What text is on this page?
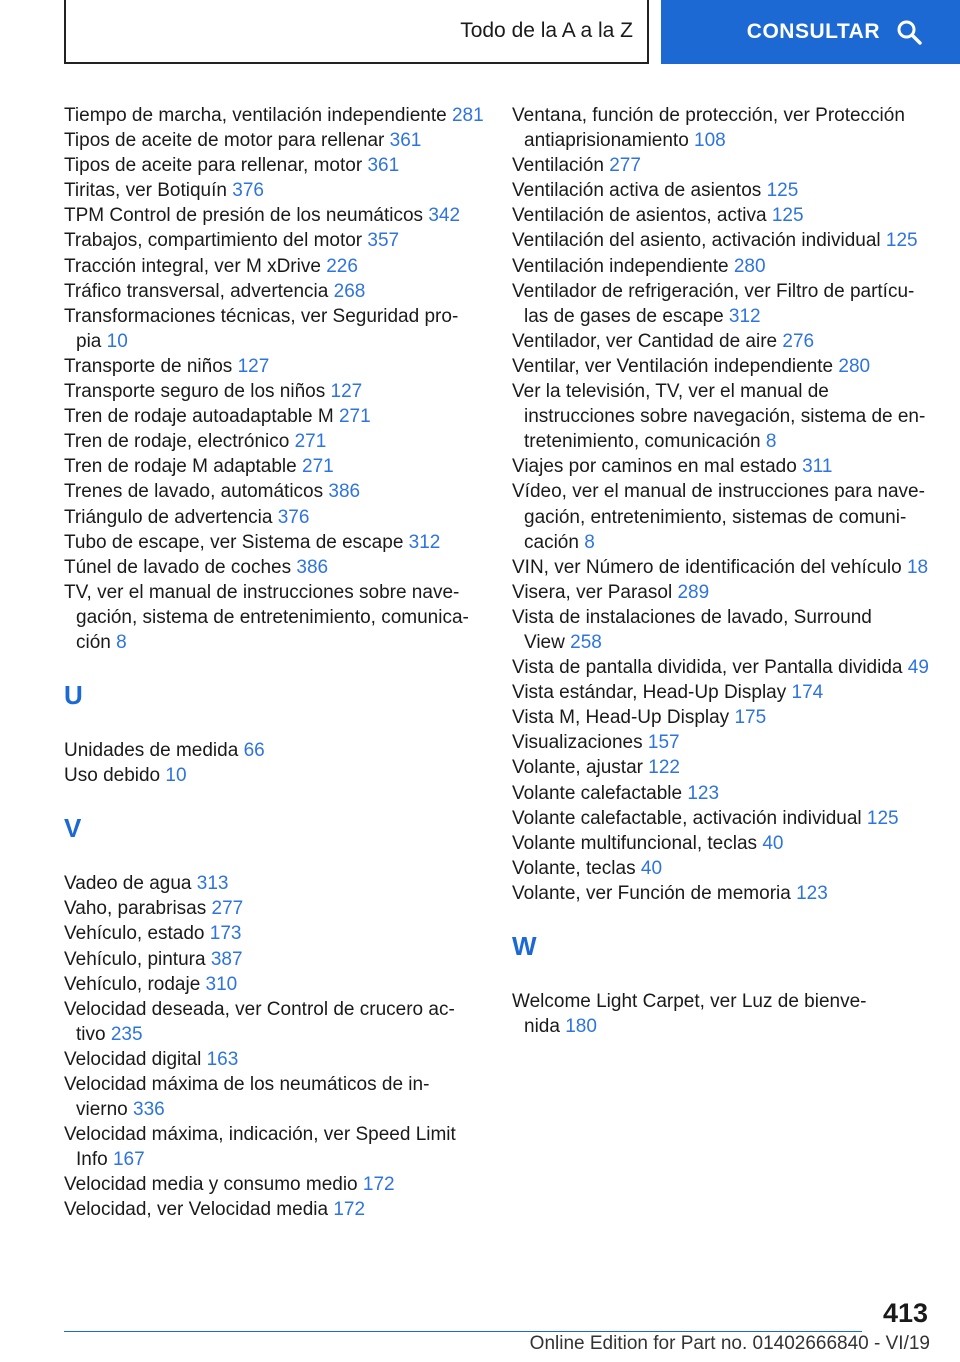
Todo de la A a la Z	CONSULTAR
Tiempo de marcha, ventilación independiente 281
Tipos de aceite de motor para rellenar 361
Tipos de aceite para rellenar, motor 361
Tiritas, ver Botiquín 376
TPM Control de presión de los neumáticos 342
Trabajos, compartimiento del motor 357
Tracción integral, ver M xDrive 226
Tráfico transversal, advertencia 268
Transformaciones técnicas, ver Seguridad propia 10
Transporte de niños 127
Transporte seguro de los niños 127
Tren de rodaje autoadaptable M 271
Tren de rodaje, electrónico 271
Tren de rodaje M adaptable 271
Trenes de lavado, automáticos 386
Triángulo de advertencia 376
Tubo de escape, ver Sistema de escape 312
Túnel de lavado de coches 386
TV, ver el manual de instrucciones sobre navegación, sistema de entretenimiento, comunicación 8
U
Unidades de medida 66
Uso debido 10
V
Vadeo de agua 313
Vaho, parabrisas 277
Vehículo, estado 173
Vehículo, pintura 387
Vehículo, rodaje 310
Velocidad deseada, ver Control de crucero activo 235
Velocidad digital 163
Velocidad máxima de los neumáticos de invierno 336
Velocidad máxima, indicación, ver Speed Limit Info 167
Velocidad media y consumo medio 172
Velocidad, ver Velocidad media 172
Ventana, función de protección, ver Protección antiaprisionamiento 108
Ventilación 277
Ventilación activa de asientos 125
Ventilación de asientos, activa 125
Ventilación del asiento, activación individual 125
Ventilación independiente 280
Ventilador de refrigeración, ver Filtro de partículas de gases de escape 312
Ventilador, ver Cantidad de aire 276
Ventilar, ver Ventilación independiente 280
Ver la televisión, TV, ver el manual de instrucciones sobre navegación, sistema de entretenimiento, comunicación 8
Viajes por caminos en mal estado 311
Vídeo, ver el manual de instrucciones para navegación, entretenimiento, sistemas de comunicación 8
VIN, ver Número de identificación del vehículo 18
Visera, ver Parasol 289
Vista de instalaciones de lavado, Surround View 258
Vista de pantalla dividida, ver Pantalla dividida 49
Vista estándar, Head-Up Display 174
Vista M, Head-Up Display 175
Visualizaciones 157
Volante, ajustar 122
Volante calefactable 123
Volante calefactable, activación individual 125
Volante multifuncional, teclas 40
Volante, teclas 40
Volante, ver Función de memoria 123
W
Welcome Light Carpet, ver Luz de bienvenida 180
413
Online Edition for Part no. 01402666840 - VI/19
